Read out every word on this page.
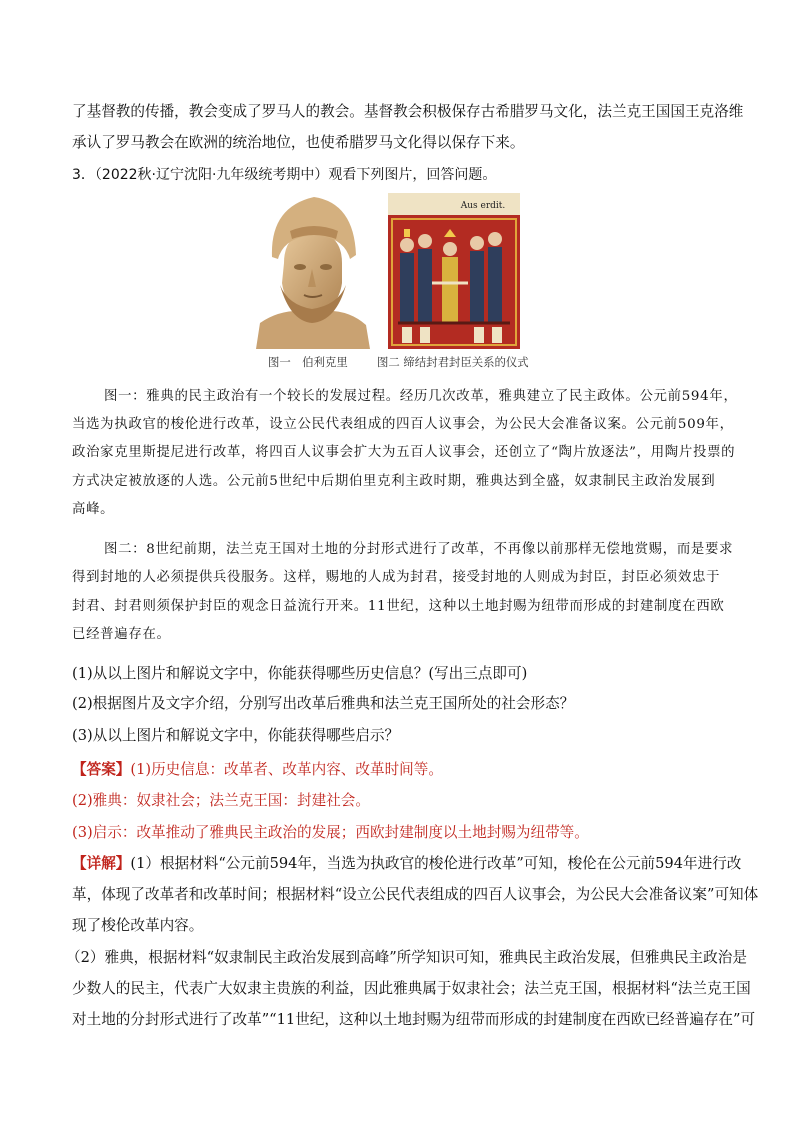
了基督教的传播，教会变成了罗马人的教会。基督教会积极保存古希腊罗马文化，法兰克王国国王克洛维
承认了罗马教会在欧洲的统治地位，也使希腊罗马文化得以保存下来。
3．（2022秋·辽宁沈阳·九年级统考期中）观看下列图片，回答问题。
Aus erdit.
图一　伯利克里	图二 缔结封君封臣关系的仪式
图一：雅典的民主政治有一个较长的发展过程。经历几次改革，雅典建立了民主政体。公元前594年，
当选为执政官的梭伦进行改革，设立公民代表组成的四百人议事会，为公民大会准备议案。公元前509年，
政治家克里斯提尼进行改革，将四百人议事会扩大为五百人议事会，还创立了“陶片放逐法”，用陶片投票的
方式决定被放逐的人选。公元前5世纪中后期伯里克利主政时期，雅典达到全盛，奴隶制民主政治发展到
高峰。
图二：8世纪前期，法兰克王国对土地的分封形式进行了改革，不再像以前那样无偿地赏赐，而是要求
得到封地的人必须提供兵役服务。这样，赐地的人成为封君，接受封地的人则成为封臣，封臣必须效忠于
封君、封君则须保护封臣的观念日益流行开来。11世纪，这种以土地封赐为纽带而形成的封建制度在西欧
已经普遍存在。
(1)从以上图片和解说文字中，你能获得哪些历史信息？(写出三点即可)
(2)根据图片及文字介绍，分别写出改革后雅典和法兰克王国所处的社会形态？
(3)从以上图片和解说文字中，你能获得哪些启示？
【答案】(1)历史信息：改革者、改革内容、改革时间等。
(2)雅典：奴隶社会；法兰克王国：封建社会。
(3)启示：改革推动了雅典民主政治的发展；西欧封建制度以土地封赐为纽带等。
【详解】(1）根据材料“公元前594年，当选为执政官的梭伦进行改革”可知，梭伦在公元前594年进行改
革，体现了改革者和改革时间；根据材料“设立公民代表组成的四百人议事会，为公民大会准备议案”可知体
现了梭伦改革内容。
（2）雅典，根据材料“奴隶制民主政治发展到高峰”所学知识可知，雅典民主政治发展，但雅典民主政治是
少数人的民主，代表广大奴隶主贵族的利益，因此雅典属于奴隶社会；法兰克王国，根据材料“法兰克王国
对土地的分封形式进行了改革”“11世纪，这种以土地封赐为纽带而形成的封建制度在西欧已经普遍存在”可
